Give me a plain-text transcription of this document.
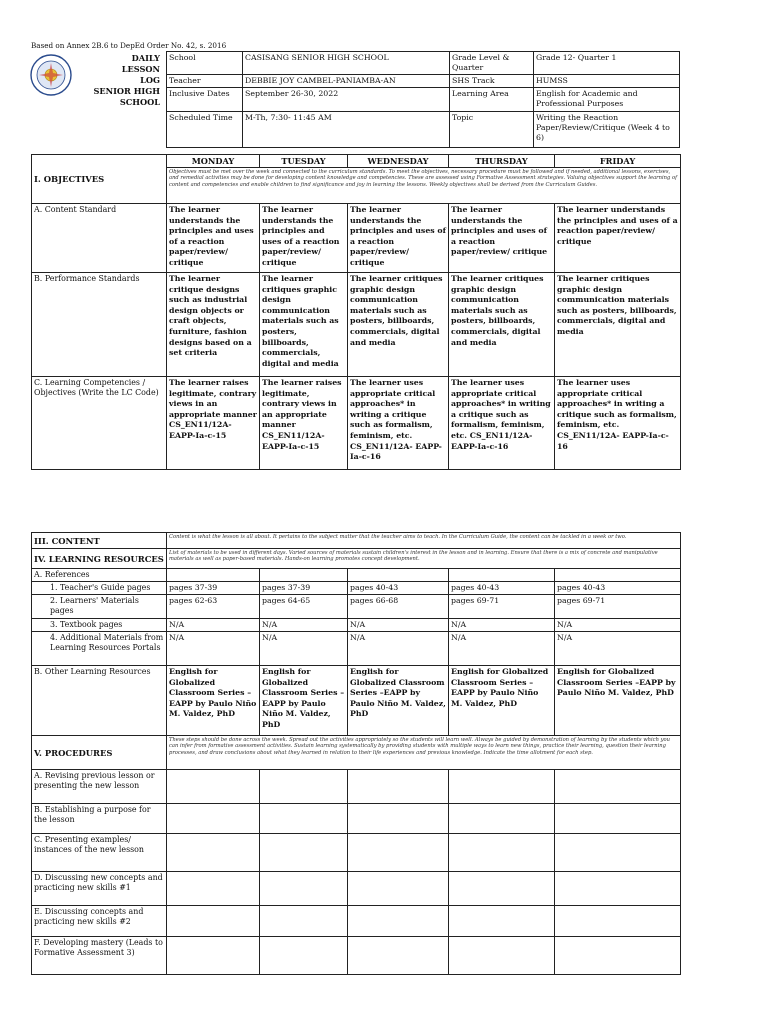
Based on Annex 2B.6 to DepEd Order No. 42, s. 2016
DAILY
LESSON
LOG
SENIOR HIGH SCHOOL
School	CASISANG SENIOR HIGH SCHOOL	Grade Level & Quarter	Grade 12- Quarter 1
Teacher	DEBBIE JOY CAMBEL-PANIAMBA-AN	SHS Track	HUMSS
Inclusive Dates	September 26-30, 2022	Learning Area	English for Academic and Professional Purposes
Scheduled Time	M-Th, 7:30- 11:45 AM	Topic	Writing the Reaction Paper/Review/Critique (Week 4 to 6)
I. OBJECTIVES	MONDAY	TUESDAY	WEDNESDAY	THURSDAY	FRIDAY
	Objectives must be met over the week and connected to the curriculum standards. To meet the objectives, necessary procedure must be followed and if needed, additional lessons, exercises, and remedial activities may be done for developing content knowledge and competencies. These are assessed using Formative Assessment strategies. Valuing objectives support the learning of content and competencies and enable children to find significance and joy in learning the lessons. Weekly objectives shall be derived from the Curriculum Guides.				
A. Content Standard	The learner understands the principles and uses of a reaction paper/review/ critique	The learner understands the principles and uses of a reaction paper/review/ critique	The learner understands the principles and uses of a reaction paper/review/ critique	The learner understands the principles and uses of a reaction paper/review/ critique	The learner understands the principles and uses of a reaction paper/review/ critique
B. Performance Standards	The learner critique designs such as industrial design objects or craft objects, furniture, fashion designs based on a set criteria	The learner critiques graphic design communication materials such as posters, billboards, commercials, digital and media	The learner critiques graphic design communication materials such as posters, billboards, commercials, digital and media	The learner critiques graphic design communication materials such as posters, billboards, commercials, digital and media	The learner critiques graphic design communication materials such as posters, billboards, commercials, digital and media
C. Learning Competencies / Objectives (Write the LC Code)	The learner raises legitimate, contrary views in an appropriate manner CS_EN11/12A-EAPP-Ia-c-15	The learner raises legitimate, contrary views in an appropriate manner CS_EN11/12A-EAPP-Ia-c-15	The learner uses appropriate critical approaches* in writing a critique such as formalism, feminism, etc. CS_EN11/12A- EAPP-Ia-c-16	The learner uses appropriate critical approaches* in writing a critique such as formalism, feminism, etc. CS_EN11/12A- EAPP-Ia-c-16	The learner uses appropriate critical approaches* in writing a critique such as formalism, feminism, etc. CS_EN11/12A- EAPP-Ia-c-16
III. CONTENT	Content is what the lesson is all about. It pertains to the subject matter that the teacher aims to teach. In the Curriculum Guide, the content can be tackled in a week or two.				
IV. LEARNING RESOURCES	List of materials to be used in different days. Varied sources of materials sustain children's interest in the lesson and in learning. Ensure that there is a mix of concrete and manipulative materials as well as paper-based materials. Hands-on learning promotes concept development.				
A. References					
1. Teacher's Guide pages	pages 37-39	pages 37-39	pages 40-43	pages 40-43	pages 40-43
2. Learners' Materials pages	pages 62-63	pages 64-65	pages 66-68	pages 69-71	pages 69-71
3. Textbook pages	N/A	N/A	N/A	N/A	N/A
4. Additional Materials from Learning Resources Portals	N/A	N/A	N/A	N/A	N/A
B. Other Learning Resources	English for Globalized Classroom Series – EAPP by Paulo Niño M. Valdez, PhD	English for Globalized Classroom Series – EAPP by Paulo Niño M. Valdez, PhD	English for Globalized Classroom Series –EAPP by Paulo Niño M. Valdez, PhD	English for Globalized Classroom Series – EAPP by Paulo Niño M. Valdez, PhD	English for Globalized Classroom Series –EAPP by Paulo Niño M. Valdez, PhD
V. PROCEDURES	These steps should be done across the week. Spread out the activities appropriately so the students will learn well. Always be guided by demonstration of learning by the students which you can infer from formative assessment activities. Sustain learning systematically by providing students with multiple ways to learn new things, practice their learning, question their learning processes, and draw conclusions about what they learned in relation to their life experiences and previous knowledge. Indicate the time allotment for each step.				
A. Revising previous lesson or presenting the new lesson					
B. Establishing a purpose for the lesson					
C. Presenting examples/ instances of the new lesson					
D. Discussing new concepts and practicing new skills #1					
E. Discussing concepts and practicing new skills #2					
F. Developing mastery (Leads to Formative Assessment 3)					
